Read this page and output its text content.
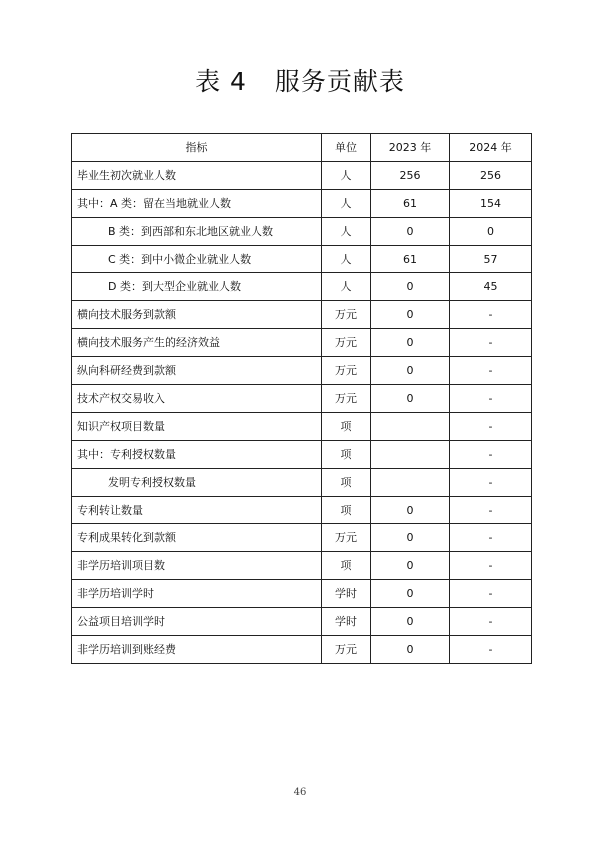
表 4 服务贡献表
指标	单位	2023 年	2024 年
毕业生初次就业人数	人	256	256
其中：A 类：留在当地就业人数	人	61	154
B 类：到西部和东北地区就业人数	人	0	0
C 类：到中小微企业就业人数	人	61	57
D 类：到大型企业就业人数	人	0	45
横向技术服务到款额	万元	0	-
横向技术服务产生的经济效益	万元	0	-
纵向科研经费到款额	万元	0	-
技术产权交易收入	万元	0	-
知识产权项目数量	项		-
其中：专利授权数量	项		-
发明专利授权数量	项		-
专利转让数量	项	0	-
专利成果转化到款额	万元	0	-
非学历培训项目数	项	0	-
非学历培训学时	学时	0	-
公益项目培训学时	学时	0	-
非学历培训到账经费	万元	0	-
46
